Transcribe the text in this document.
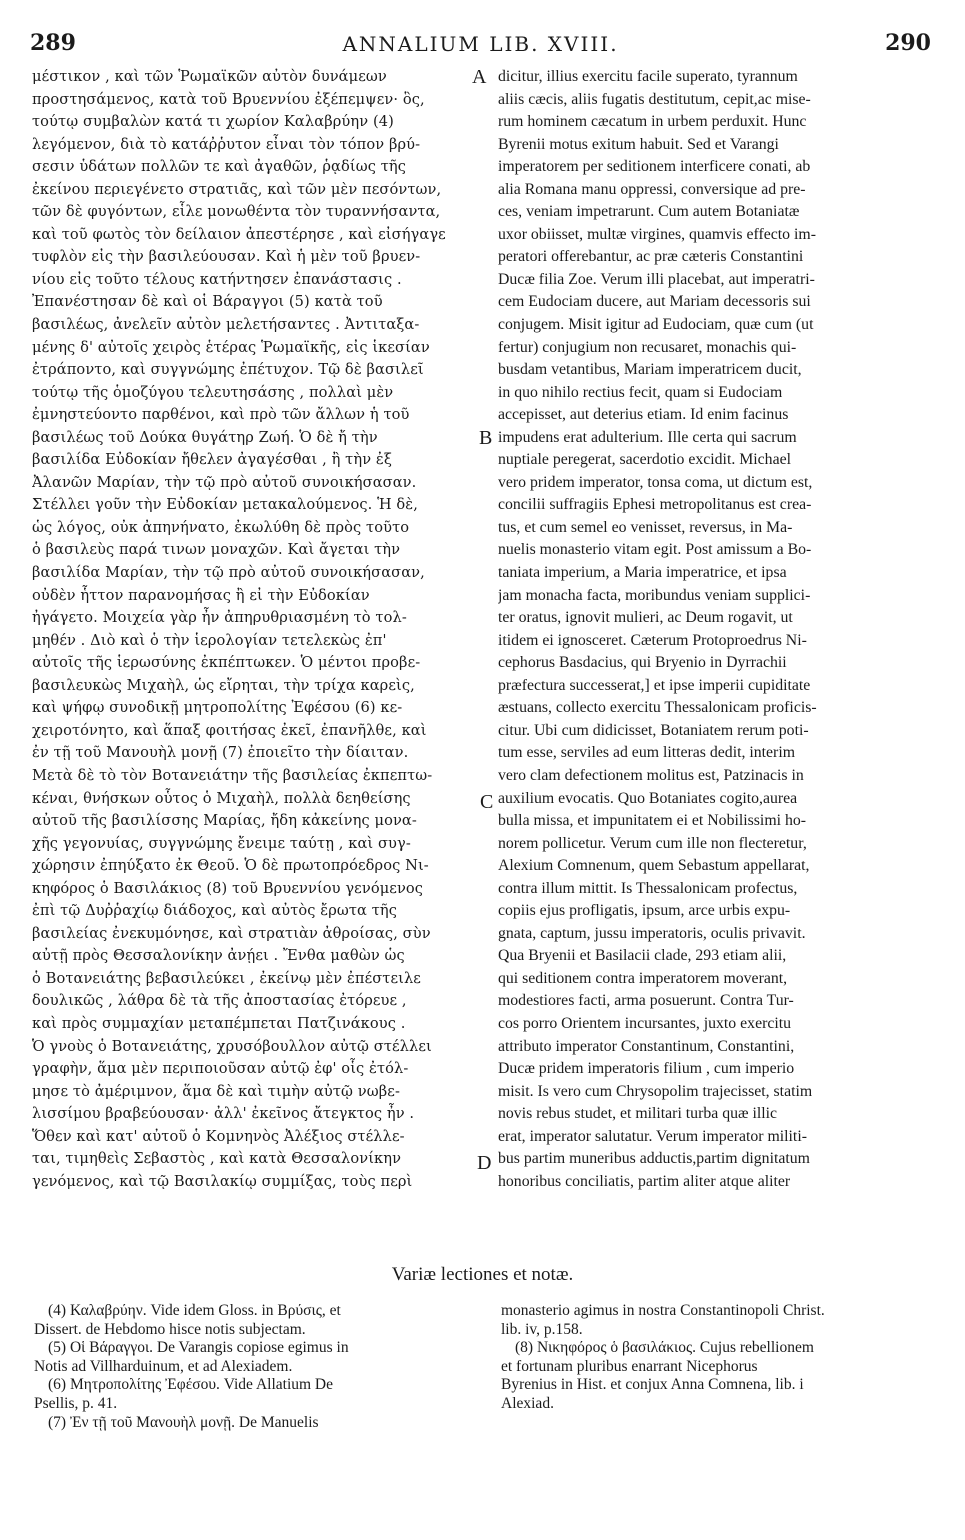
289	ANNALIUM LIB. XVIII.	290
μέστικον , καὶ τῶν Ῥωμαϊκῶν αὐτὸν δυνάμεων
προστησάμενος, κατὰ τοῦ Βρυεννίου ἐξέπεμψεν· ὃς,
τούτῳ συμβαλὼν κατά τι χωρίον Καλαβρύην (4)
λεγόμενον, διὰ τὸ κατάῤῥυτον εἶναι τὸν τόπον βρύ-
σεσιν ὑδάτων πολλῶν τε καὶ ἀγαθῶν, ῥᾳδίως τῆς
ἐκείνου περιεγένετο στρατιᾶς, καὶ τῶν μὲν πεσόντων,
τῶν δὲ φυγόντων, εἷλε μονωθέντα τὸν τυραννήσαντα,
καὶ τοῦ φωτὸς τὸν δείλαιον ἀπεστέρησε , καὶ εἰσήγαγε
τυφλὸν εἰς τὴν βασιλεύουσαν. Καὶ ἡ μὲν τοῦ βρυεν-
νίου εἰς τοῦτο τέλους κατήντησεν ἐπανάστασις .
Ἐπανέστησαν δὲ καὶ οἱ Βάραγγοι (5) κατὰ τοῦ
βασιλέως, ἀνελεῖν αὐτὸν μελετήσαντες . Ἀντιταξα-
μένης δ' αὐτοῖς χειρὸς ἑτέρας Ῥωμαϊκῆς, εἰς ἱκεσίαν
ἐτράποντο, καὶ συγγνώμης ἐπέτυχον. Τῷ δὲ βασιλεῖ
τούτῳ τῆς ὁμοζύγου τελευτησάσης , πολλαὶ μὲν
ἐμνηστεύοντο παρθένοι, καὶ πρὸ τῶν ἄλλων ἡ τοῦ
βασιλέως τοῦ Δούκα θυγάτηρ Ζωή. Ὁ δὲ ἤ τὴν
βασιλίδα Εὐδοκίαν ἤθελεν ἀγαγέσθαι , ἢ τὴν ἐξ
Ἀλανῶν Μαρίαν, τὴν τῷ πρὸ αὐτοῦ συνοικήσασαν.
Στέλλει γοῦν τὴν Εὐδοκίαν μετακαλούμενος. Ἡ δὲ,
ὡς λόγος, οὐκ ἀπηνήνατο, ἐκωλύθη δὲ πρὸς τοῦτο
ὁ βασιλεὺς παρά τινων μοναχῶν. Καὶ ἄγεται τὴν
βασιλίδα Μαρίαν, τὴν τῷ πρὸ αὐτοῦ συνοικήσασαν,
οὐδὲν ἧττον παρανομήσας ἢ εἰ τὴν Εὐδοκίαν
ἠγάγετο. Μοιχεία γὰρ ἦν ἀπηρυθριασμένη τὸ τολ-
μηθέν . Διὸ καὶ ὁ τὴν ἱερολογίαν τετελεκὼς ἐπ'
αὐτοῖς τῆς ἱερωσύνης ἐκπέπτωκεν. Ὁ μέντοι προβε-
βασιλευκὼς Μιχαὴλ, ὡς εἴρηται, τὴν τρίχα καρεὶς,
καὶ ψήφῳ συνοδικῇ μητροπολίτης Ἐφέσου (6) κε-
χειροτόνητο, καὶ ἅπαξ φοιτήσας ἐκεῖ, ἐπανῆλθε, καὶ
ἐν τῇ τοῦ Μανουὴλ μονῇ (7) ἐποιεῖτο τὴν δίαιταν.
Μετὰ δὲ τὸ τὸν Βοτανειάτην τῆς βασιλείας ἐκπεπτω-
κέναι, θνήσκων οὗτος ὁ Μιχαὴλ, πολλὰ δεηθείσης
αὐτοῦ τῆς βασιλίσσης Μαρίας, ἤδη κἀκείνης μονα-
χῆς γεγονυίας, συγγνώμης ἔνειμε ταύτῃ , καὶ συγ-
χώρησιν ἐπηύξατο ἐκ Θεοῦ. Ὁ δὲ πρωτοπρόεδρος Νι-
κηφόρος ὁ Βασιλάκιος (8) τοῦ Βρυεννίου γενόμενος
ἐπὶ τῷ Δυῤῥαχίῳ διάδοχος, καὶ αὐτὸς ἔρωτα τῆς
βασιλείας ἐνεκυμόνησε, καὶ στρατιὰν ἀθροίσας, σὺν
αὐτῇ πρὸς Θεσσαλονίκην ἀνῄει . Ἔνθα μαθὼν ὡς
ὁ Βοτανειάτης βεβασιλεύκει , ἐκείνῳ μὲν ἐπέστειλε
δουλικῶς , λάθρα δὲ τὰ τῆς ἀποστασίας ἐτόρευε ,
καὶ πρὸς συμμαχίαν μεταπέμπεται Πατζινάκους .
Ὁ γνοὺς ὁ Βοτανειάτης, χρυσόβουλλον αὐτῷ στέλλει
γραφὴν, ἅμα μὲν περιποιοῦσαν αὐτῷ ἐφ' οἷς ἐτόλ-
μησε τὸ ἀμέριμνον, ἅμα δὲ καὶ τιμὴν αὐτῷ νωβε-
λισσίμου βραβεύουσαν· ἀλλ' ἐκεῖνος ἄτεγκτος ἦν .
Ὅθεν καὶ κατ' αὐτοῦ ὁ Κομνηνὸς Ἀλέξιος στέλλε-
ται, τιμηθεὶς Σεβαστὸς , καὶ κατὰ Θεσσαλονίκην
γενόμενος, καὶ τῷ Βασιλακίῳ συμμίξας, τοὺς περὶ
A
B
C
D
dicitur, illius exercitu facile superato, tyrannum
aliis cæcis, aliis fugatis destitutum, cepit,ac mise-
rum hominem cæcatum in urbem perduxit. Hunc
Byrenii motus exitum habuit. Sed et Varangi
imperatorem per seditionem interficere conati, ab
alia Romana manu oppressi, conversique ad pre-
ces, veniam impetrarunt. Cum autem Botaniatæ
uxor obiisset, multæ virgines, quamvis effecto im-
peratori offerebantur, ac præ cæteris Constantini
Ducæ filia Zoe. Verum illi placebat, aut imperatri-
cem Eudociam ducere, aut Mariam decessoris sui
conjugem. Misit igitur ad Eudociam, quæ cum (ut
fertur) conjugium non recusaret, monachis qui-
busdam vetantibus, Mariam imperatricem ducit,
in quo nihilo rectius fecit, quam si Eudociam
accepisset, aut deterius etiam. Id enim facinus
impudens erat adulterium. Ille certa qui sacrum
nuptiale peregerat, sacerdotio excidit. Michael
vero pridem imperator, tonsa coma, ut dictum est,
concilii suffragiis Ephesi metropolitanus est crea-
tus, et cum semel eo venisset, reversus, in Ma-
nuelis monasterio vitam egit. Post amissum a Bo-
taniata imperium, a Maria imperatrice, et ipsa
jam monacha facta, moribundus veniam supplici-
ter oratus, ignovit mulieri, ac Deum rogavit, ut
itidem ei ignosceret. Cæterum Protoproedrus Ni-
cephorus Basdacius, qui Bryenio in Dyrrachii
præfectura successerat,] et ipse imperii cupiditate
æstuans, collecto exercitu Thessalonicam proficis-
citur. Ubi cum didicisset, Botaniatem rerum poti-
tum esse, serviles ad eum litteras dedit, interim
vero clam defectionem molitus est, Patzinacis in
auxilium evocatis. Quo Botaniates cogito,aurea
bulla missa, et impunitatem ei et Nobilissimi ho-
norem pollicetur. Verum cum ille non flecteretur,
Alexium Comnenum, quem Sebastum appellarat,
contra illum mittit. Is Thessalonicam profectus,
copiis ejus profligatis, ipsum, arce urbis expu-
gnata, captum, jussu imperatoris, oculis privavit.
Qua Bryenii et Basilacii clade, 293 etiam alii,
qui seditionem contra imperatorem moverant,
modestiores facti, arma posuerunt. Contra Tur-
cos porro Orientem incursantes, juxto exercitu
attributo imperator Constantinum, Constantini,
Ducæ pridem imperatoris filium , cum imperio
misit. Is vero cum Chrysopolim trajecisset, statim
novis rebus studet, et militari turba quæ illic
erat, imperator salutatur. Verum imperator militi-
bus partim muneribus adductis,partim dignitatum
honoribus conciliatis, partim aliter atque aliter
Variæ lectiones et notæ.
(4) Καλαβρύην. Vide idem Gloss. in Βρύσις, et
Dissert. de Hebdomo hisce notis subjectam.
(5) Οἱ Βάραγγοι. De Varangis copiose egimus in
Notis ad Villharduinum, et ad Alexiadem.
(6) Μητροπολίτης Ἐφέσου. Vide Allatium De
Psellis, p. 41.
(7) Ἐν τῇ τοῦ Μανουὴλ μονῇ. De Manuelis
monasterio agimus in nostra Constantinopoli Christ.
lib. iv, p.158.
(8) Νικηφόρος ὁ βασιλάκιος. Cujus rebellionem
et fortunam pluribus enarrant Nicephorus
Byrenius in Hist. et conjux Anna Comnena, lib. i
Alexiad.
